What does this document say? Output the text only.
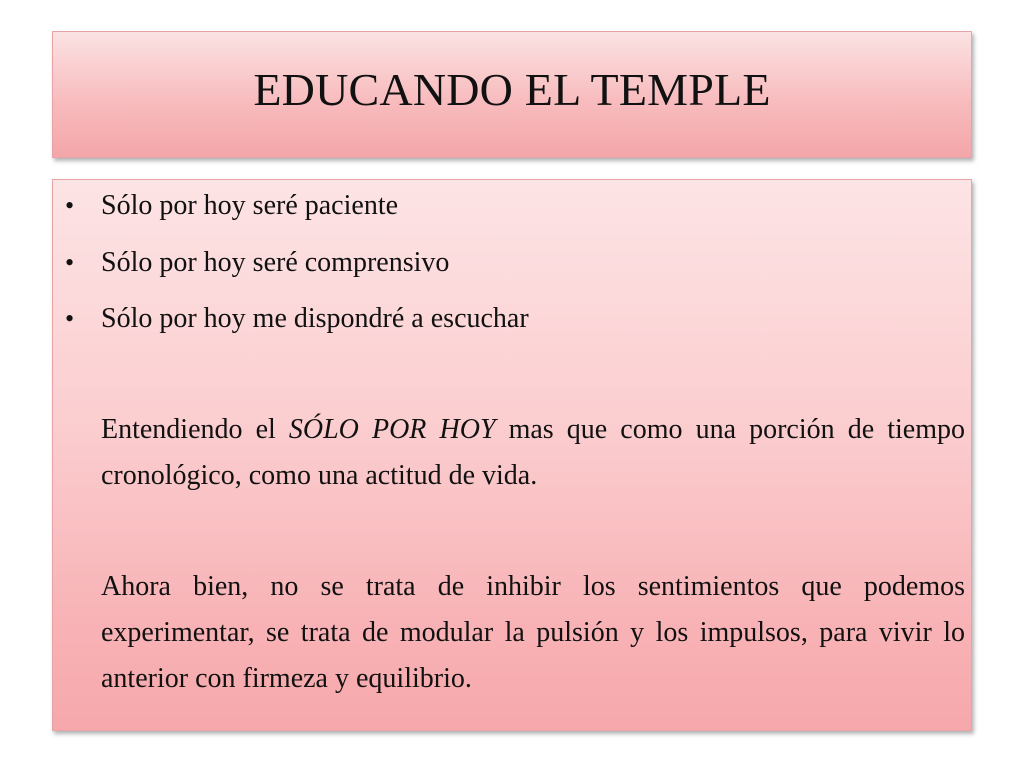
EDUCANDO EL TEMPLE
• Sólo por hoy seré paciente
• Sólo por hoy seré comprensivo
• Sólo por hoy me dispondré a escuchar

Entendiendo el SÓLO POR HOY mas que como una porción de tiempo cronológico, como una actitud de vida.

Ahora bien, no se trata de inhibir los sentimientos que podemos experimentar, se trata de modular la pulsión y los impulsos, para vivir lo anterior con firmeza y equilibrio.
